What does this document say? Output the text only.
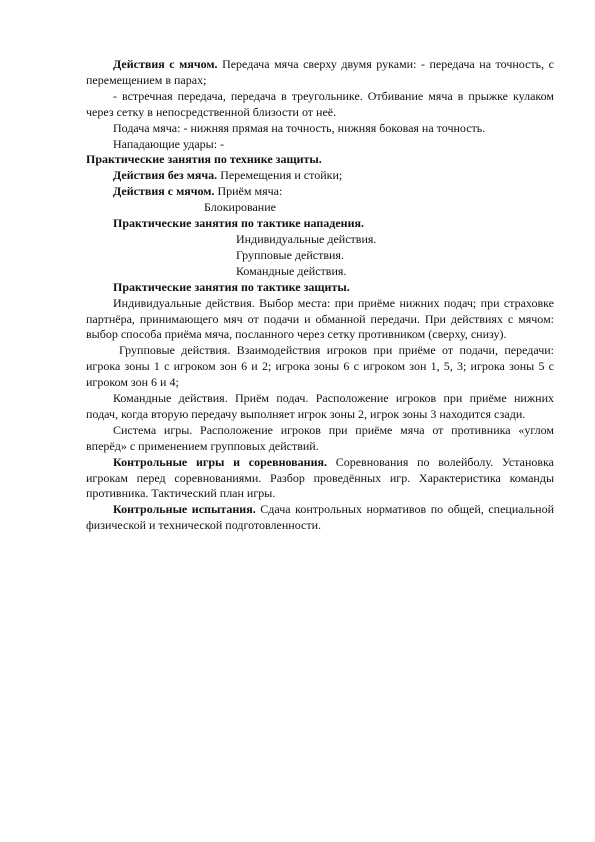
Действия с мячом. Передача мяча сверху двумя руками: - передача на точность, с перемещением в парах;

- встречная передача, передача в треугольнике. Отбивание мяча в прыжке кулаком через сетку в непосредственной близости от неё.

Подача мяча: - нижняя прямая на точность, нижняя боковая на точность.

Нападающие удары: -

Практические занятия по технике защиты.

Действия без мяча. Перемещения и стойки;

Действия с мячом. Приём мяча:

Блокирование

Практические занятия по тактике нападения.

Индивидуальные действия.

Групповые действия.

Командные действия.

Практические занятия по тактике защиты.

Индивидуальные действия. Выбор места: при приёме нижних подач; при страховке партнёра, принимающего мяч от подачи и обманной передачи. При действиях с мячом: выбор способа приёма мяча, посланного через сетку противником (сверху, снизу).

Групповые действия. Взаимодействия игроков при приёме от подачи, передачи: игрока зоны 1 с игроком зон 6 и 2; игрока зоны 6 с игроком зон 1, 5, 3; игрока зоны 5 с игроком зон 6 и 4;

Командные действия. Приём подач. Расположение игроков при приёме нижних подач, когда вторую передачу выполняет игрок зоны 2, игрок зоны 3 находится сзади.

Система игры. Расположение игроков при приёме мяча от противника «углом вперёд» с применением групповых действий.

Контрольные игры и соревнования. Соревнования по волейболу. Установка игрокам перед соревнованиями. Разбор проведённых игр. Характеристика команды противника. Тактический план игры.

Контрольные испытания. Сдача контрольных нормативов по общей, специальной физической и технической подготовленности.
